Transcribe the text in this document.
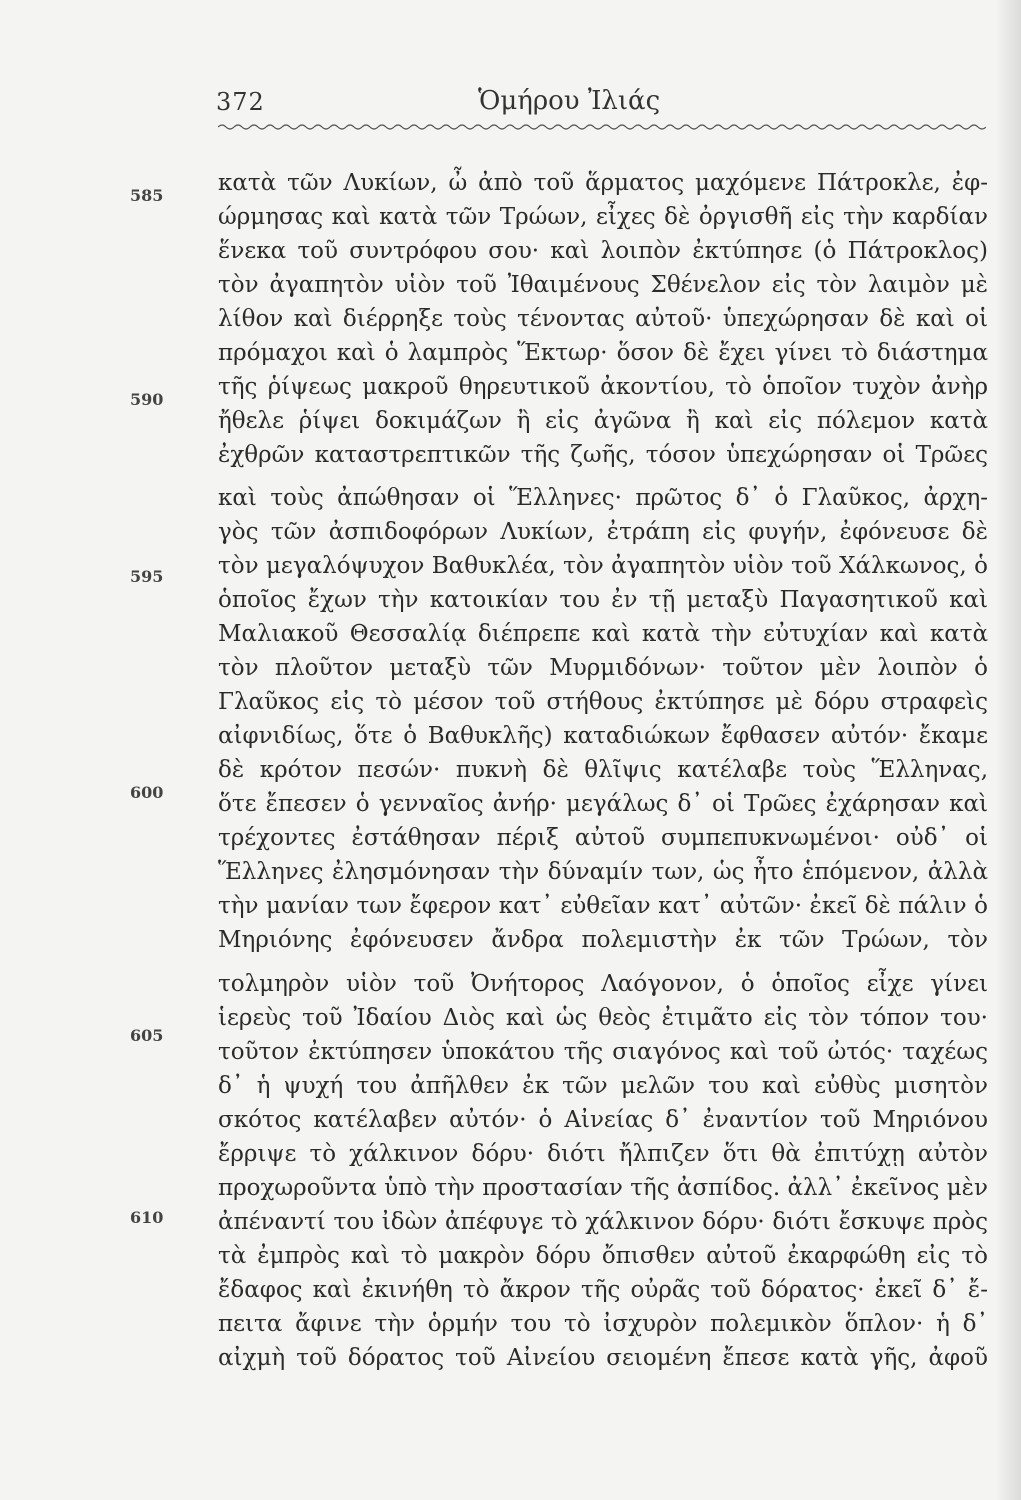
372	Ὁμήρου Ἰλιάς
585
590
595
600
605
610
κατὰ τῶν Λυκίων, ὦ ἀπὸ τοῦ ἅρματος μαχόμενε Πάτροκλε, ἐφ-
ώρμησας καὶ κατὰ τῶν Τρώων, εἶχες δὲ ὀργισθῆ εἰς τὴν καρδίαν
ἕνεκα τοῦ συντρόφου σου· καὶ λοιπὸν ἐκτύπησε (ὁ Πάτροκλος)
τὸν ἀγαπητὸν υἱὸν τοῦ Ἰθαιμένους Σθένελον εἰς τὸν λαιμὸν μὲ
λίθον καὶ διέρρηξε τοὺς τένοντας αὐτοῦ· ὑπεχώρησαν δὲ καὶ οἱ
πρόμαχοι καὶ ὁ λαμπρὸς Ἕκτωρ· ὅσον δὲ ἔχει γίνει τὸ διάστημα
τῆς ῥίψεως μακροῦ θηρευτικοῦ ἀκοντίου, τὸ ὁποῖον τυχὸν ἀνὴρ
ἤθελε ῥίψει δοκιμάζων ἢ εἰς ἀγῶνα ἢ καὶ εἰς πόλεμον κατὰ
ἐχθρῶν καταστρεπτικῶν τῆς ζωῆς, τόσον ὑπεχώρησαν οἱ Τρῶες
καὶ τοὺς ἀπώθησαν οἱ Ἕλληνες· πρῶτος δ᾽ ὁ Γλαῦκος, ἀρχη-
γὸς τῶν ἀσπιδοφόρων Λυκίων, ἐτράπη εἰς φυγήν, ἐφόνευσε δὲ
τὸν μεγαλόψυχον Βαθυκλέα, τὸν ἀγαπητὸν υἱὸν τοῦ Χάλκωνος, ὁ
ὁποῖος ἔχων τὴν κατοικίαν του ἐν τῇ μεταξὺ Παγασητικοῦ καὶ
Μαλιακοῦ Θεσσαλίᾳ διέπρεπε καὶ κατὰ τὴν εὐτυχίαν καὶ κατὰ
τὸν πλοῦτον μεταξὺ τῶν Μυρμιδόνων· τοῦτον μὲν λοιπὸν ὁ
Γλαῦκος εἰς τὸ μέσον τοῦ στήθους ἐκτύπησε μὲ δόρυ στραφεὶς
αἰφνιδίως, ὅτε ὁ Βαθυκλῆς) καταδιώκων ἔφθασεν αὐτόν· ἔκαμε
δὲ κρότον πεσών· πυκνὴ δὲ θλῖψις κατέλαβε τοὺς Ἕλληνας,
ὅτε ἔπεσεν ὁ γενναῖος ἀνήρ· μεγάλως δ᾽ οἱ Τρῶες ἐχάρησαν καὶ
τρέχοντες ἐστάθησαν πέριξ αὐτοῦ συμπεπυκνωμένοι· οὐδ᾽ οἱ
Ἕλληνες ἐλησμόνησαν τὴν δύναμίν των, ὡς ἦτο ἑπόμενον, ἀλλὰ
τὴν μανίαν των ἔφερον κατ᾽ εὐθεῖαν κατ᾽ αὐτῶν· ἐκεῖ δὲ πάλιν ὁ
Μηριόνης ἐφόνευσεν ἄνδρα πολεμιστὴν ἐκ τῶν Τρώων, τὸν
τολμηρὸν υἱὸν τοῦ Ὀνήτορος Λαόγονον, ὁ ὁποῖος εἶχε γίνει
ἱερεὺς τοῦ Ἰδαίου Διὸς καὶ ὡς θεὸς ἐτιμᾶτο εἰς τὸν τόπον του·
τοῦτον ἐκτύπησεν ὑποκάτου τῆς σιαγόνος καὶ τοῦ ὠτός· ταχέως
δ᾽ ἡ ψυχή του ἀπῆλθεν ἐκ τῶν μελῶν του καὶ εὐθὺς μισητὸν
σκότος κατέλαβεν αὐτόν· ὁ Αἰνείας δ᾽ ἐναντίον τοῦ Μηριόνου
ἔρριψε τὸ χάλκινον δόρυ· διότι ἤλπιζεν ὅτι θὰ ἐπιτύχῃ αὐτὸν
προχωροῦντα ὑπὸ τὴν προστασίαν τῆς ἀσπίδος. ἀλλ᾽ ἐκεῖνος μὲν
ἀπέναντί του ἰδὼν ἀπέφυγε τὸ χάλκινον δόρυ· διότι ἔσκυψε πρὸς
τὰ ἐμπρὸς καὶ τὸ μακρὸν δόρυ ὄπισθεν αὐτοῦ ἐκαρφώθη εἰς τὸ
ἔδαφος καὶ ἐκινήθη τὸ ἄκρον τῆς οὐρᾶς τοῦ δόρατος· ἐκεῖ δ᾽ ἔ-
πειτα ἄφινε τὴν ὁρμήν του τὸ ἰσχυρὸν πολεμικὸν ὅπλον· ἡ δ᾽
αἰχμὴ τοῦ δόρατος τοῦ Αἰνείου σειομένη ἔπεσε κατὰ γῆς, ἀφοῦ
